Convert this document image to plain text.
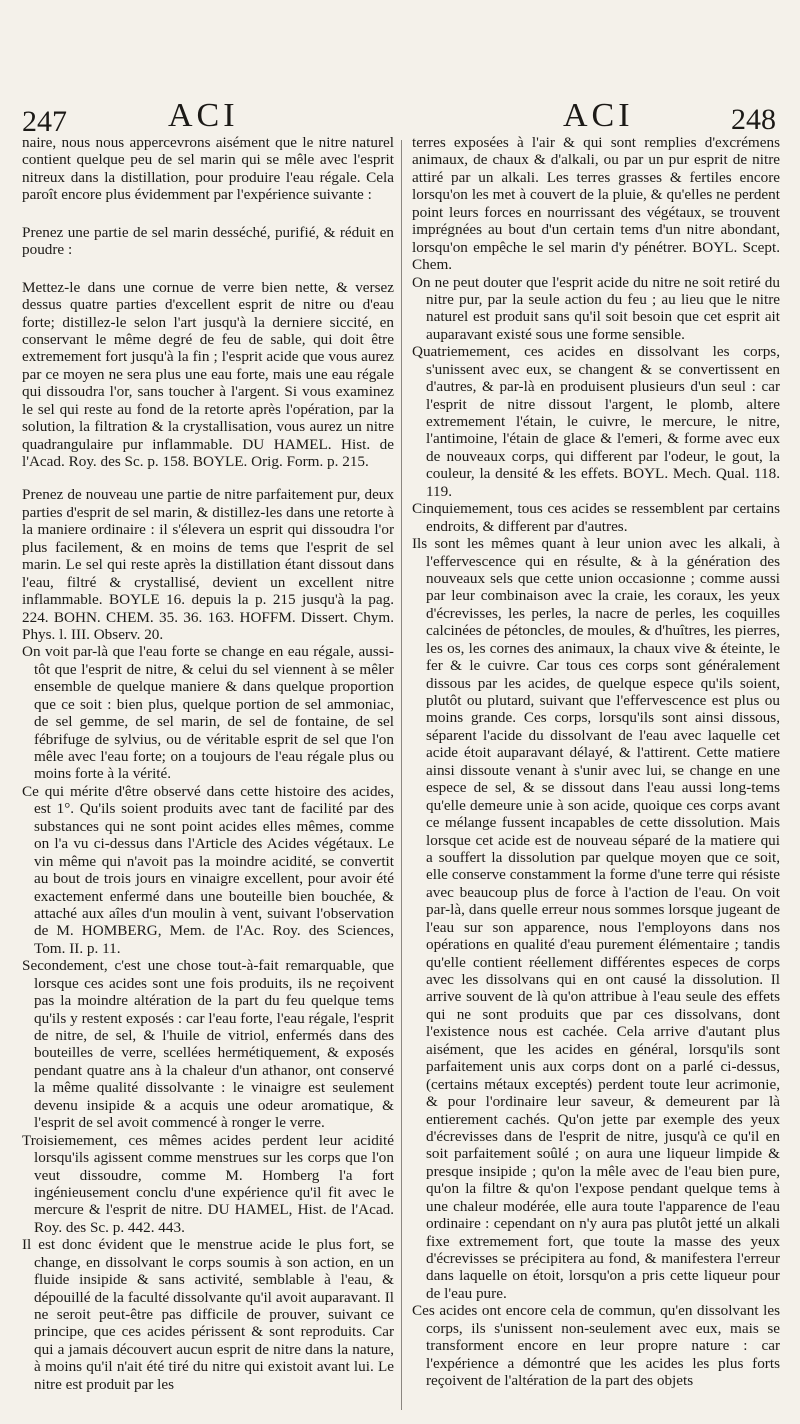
247	ACI	ACI	248

naire, nous nous appercevrons aisément que le nitre naturel contient quelque peu de sel marin qui se mêle avec l'esprit nitreux dans la distillation, pour produire l'eau régale. Cela paroît encore plus évidemment par l'expérience suivante :

Prenez une partie de sel marin desséché, purifié, & réduit en poudre :

Mettez-le dans une cornue de verre bien nette, & versez dessus quatre parties d'excellent esprit de nitre ou d'eau forte; distillez-le selon l'art jusqu'à la derniere siccité, en conservant le même degré de feu de sable, qui doit être extremement fort jusqu'à la fin ; l'esprit acide que vous aurez par ce moyen ne sera plus une eau forte, mais une eau régale qui dissoudra l'or, sans toucher à l'argent. Si vous examinez le sel qui reste au fond de la retorte après l'opération, par la solution, la filtration & la crystallisation, vous aurez un nitre quadrangulaire pur inflammable. DU HAMEL. Hist. de l'Acad. Roy. des Sc. p. 158. BOYLE. Orig. Form. p. 215.

Prenez de nouveau une partie de nitre parfaitement pur, deux parties d'esprit de sel marin, & distillez-les dans une retorte à la maniere ordinaire : il s'élevera un esprit qui dissoudra l'or plus facilement, & en moins de tems que l'esprit de sel marin. Le sel qui reste après la distillation étant dissout dans l'eau, filtré & crystallisé, devient un excellent nitre inflammable. BOYLE 16. depuis la p. 215 jusqu'à la pag. 224. BOHN. CHEM. 35. 36. 163. HOFFM. Dissert. Chym. Phys. l. III. Observ. 20.

On voit par-là que l'eau forte se change en eau régale, aussi-tôt que l'esprit de nitre, & celui du sel viennent à se mêler ensemble de quelque maniere & dans quelque proportion que ce soit : bien plus, quelque portion de sel ammoniac, de sel gemme, de sel marin, de sel de fontaine, de sel fébrifuge de sylvius, ou de véritable esprit de sel que l'on mêle avec l'eau forte; on a toujours de l'eau régale plus ou moins forte à la vérité.

Ce qui mérite d'être observé dans cette histoire des acides, est 1°. Qu'ils soient produits avec tant de facilité par des substances qui ne sont point acides elles mêmes, comme on l'a vu ci-dessus dans l'Article des Acides végétaux. Le vin même qui n'avoit pas la moindre acidité, se convertit au bout de trois jours en vinaigre excellent, pour avoir été exactement enfermé dans une bouteille bien bouchée, & attaché aux aîles d'un moulin à vent, suivant l'observation de M. HOMBERG, Mem. de l'Ac. Roy. des Sciences, Tom. II. p. 11.

Secondement, c'est une chose tout-à-fait remarquable, que lorsque ces acides sont une fois produits, ils ne reçoivent pas la moindre altération de la part du feu quelque tems qu'ils y restent exposés : car l'eau forte, l'eau régale, l'esprit de nitre, de sel, & l'huile de vitriol, enfermés dans des bouteilles de verre, scellées hermétiquement, & exposés pendant quatre ans à la chaleur d'un athanor, ont conservé la même qualité dissolvante : le vinaigre est seulement devenu insipide & a acquis une odeur aromatique, & l'esprit de sel avoit commencé à ronger le verre.

Troisiemement, ces mêmes acides perdent leur acidité lorsqu'ils agissent comme menstrues sur les corps que l'on veut dissoudre, comme M. Homberg l'a fort ingénieusement conclu d'une expérience qu'il fit avec le mercure & l'esprit de nitre. DU HAMEL, Hist. de l'Acad. Roy. des Sc. p. 442. 443.

Il est donc évident que le menstrue acide le plus fort, se change, en dissolvant le corps soumis à son action, en un fluide insipide & sans activité, semblable à l'eau, & dépouillé de la faculté dissolvante qu'il avoit auparavant. Il ne seroit peut-être pas difficile de prouver, suivant ce principe, que ces acides périssent & sont reproduits. Car qui a jamais découvert aucun esprit de nitre dans la nature, à moins qu'il n'ait été tiré du nitre qui existoit avant lui. Le nitre est produit par les

terres exposées à l'air & qui sont remplies d'excrémens animaux, de chaux & d'alkali, ou par un pur esprit de nitre attiré par un alkali. Les terres grasses & fertiles encore lorsqu'on les met à couvert de la pluie, & qu'elles ne perdent point leurs forces en nourrissant des végétaux, se trouvent imprégnées au bout d'un certain tems d'un nitre abondant, lorsqu'on empêche le sel marin d'y pénétrer. BOYL. Scept. Chem.

On ne peut douter que l'esprit acide du nitre ne soit retiré du nitre pur, par la seule action du feu ; au lieu que le nitre naturel est produit sans qu'il soit besoin que cet esprit ait auparavant existé sous une forme sensible.

Quatriemement, ces acides en dissolvant les corps, s'unissent avec eux, se changent & se convertissent en d'autres, & par-là en produisent plusieurs d'un seul : car l'esprit de nitre dissout l'argent, le plomb, altere extremement l'étain, le cuivre, le mercure, le nitre, l'antimoine, l'étain de glace & l'emeri, & forme avec eux de nouveaux corps, qui different par l'odeur, le gout, la couleur, la densité & les effets. BOYL. Mech. Qual. 118. 119.

Cinquiemement, tous ces acides se ressemblent par certains endroits, & different par d'autres.

Ils sont les mêmes quant à leur union avec les alkali, à l'effervescence qui en résulte, & à la génération des nouveaux sels que cette union occasionne ; comme aussi par leur combinaison avec la craie, les coraux, les yeux d'écrevisses, les perles, la nacre de perles, les coquilles calcinées de pétoncles, de moules, & d'huîtres, les pierres, les os, les cornes des animaux, la chaux vive & éteinte, le fer & le cuivre. Car tous ces corps sont généralement dissous par les acides, de quelque espece qu'ils soient, plutôt ou plutard, suivant que l'effervescence est plus ou moins grande. Ces corps, lorsqu'ils sont ainsi dissous, séparent l'acide du dissolvant de l'eau avec laquelle cet acide étoit auparavant délayé, & l'attirent. Cette matiere ainsi dissoute venant à s'unir avec lui, se change en une espece de sel, & se dissout dans l'eau aussi long-tems qu'elle demeure unie à son acide, quoique ces corps avant ce mélange fussent incapables de cette dissolution. Mais lorsque cet acide est de nouveau séparé de la matiere qui a souffert la dissolution par quelque moyen que ce soit, elle conserve constamment la forme d'une terre qui résiste avec beaucoup plus de force à l'action de l'eau. On voit par-là, dans quelle erreur nous sommes lorsque jugeant de l'eau sur son apparence, nous l'employons dans nos opérations en qualité d'eau purement élémentaire ; tandis qu'elle contient réellement différentes especes de corps avec les dissolvans qui en ont causé la dissolution. Il arrive souvent de là qu'on attribue à l'eau seule des effets qui ne sont produits que par ces dissolvans, dont l'existence nous est cachée. Cela arrive d'autant plus aisément, que les acides en général, lorsqu'ils sont parfaitement unis aux corps dont on a parlé ci-dessus, (certains métaux exceptés) perdent toute leur acrimonie, & pour l'ordinaire leur saveur, & demeurent par là entierement cachés. Qu'on jette par exemple des yeux d'écrevisses dans de l'esprit de nitre, jusqu'à ce qu'il en soit parfaitement soûlé ; on aura une liqueur limpide & presque insipide ; qu'on la mêle avec de l'eau bien pure, qu'on la filtre & qu'on l'expose pendant quelque tems à une chaleur modérée, elle aura toute l'apparence de l'eau ordinaire : cependant on n'y aura pas plutôt jetté un alkali fixe extremement fort, que toute la masse des yeux d'écrevisses se précipitera au fond, & manifestera l'erreur dans laquelle on étoit, lorsqu'on a pris cette liqueur pour de l'eau pure.

Ces acides ont encore cela de commun, qu'en dissolvant les corps, ils s'unissent non-seulement avec eux, mais se transforment encore en leur propre nature : car l'expérience a démontré que les acides les plus forts reçoivent de l'altération de la part des objets
